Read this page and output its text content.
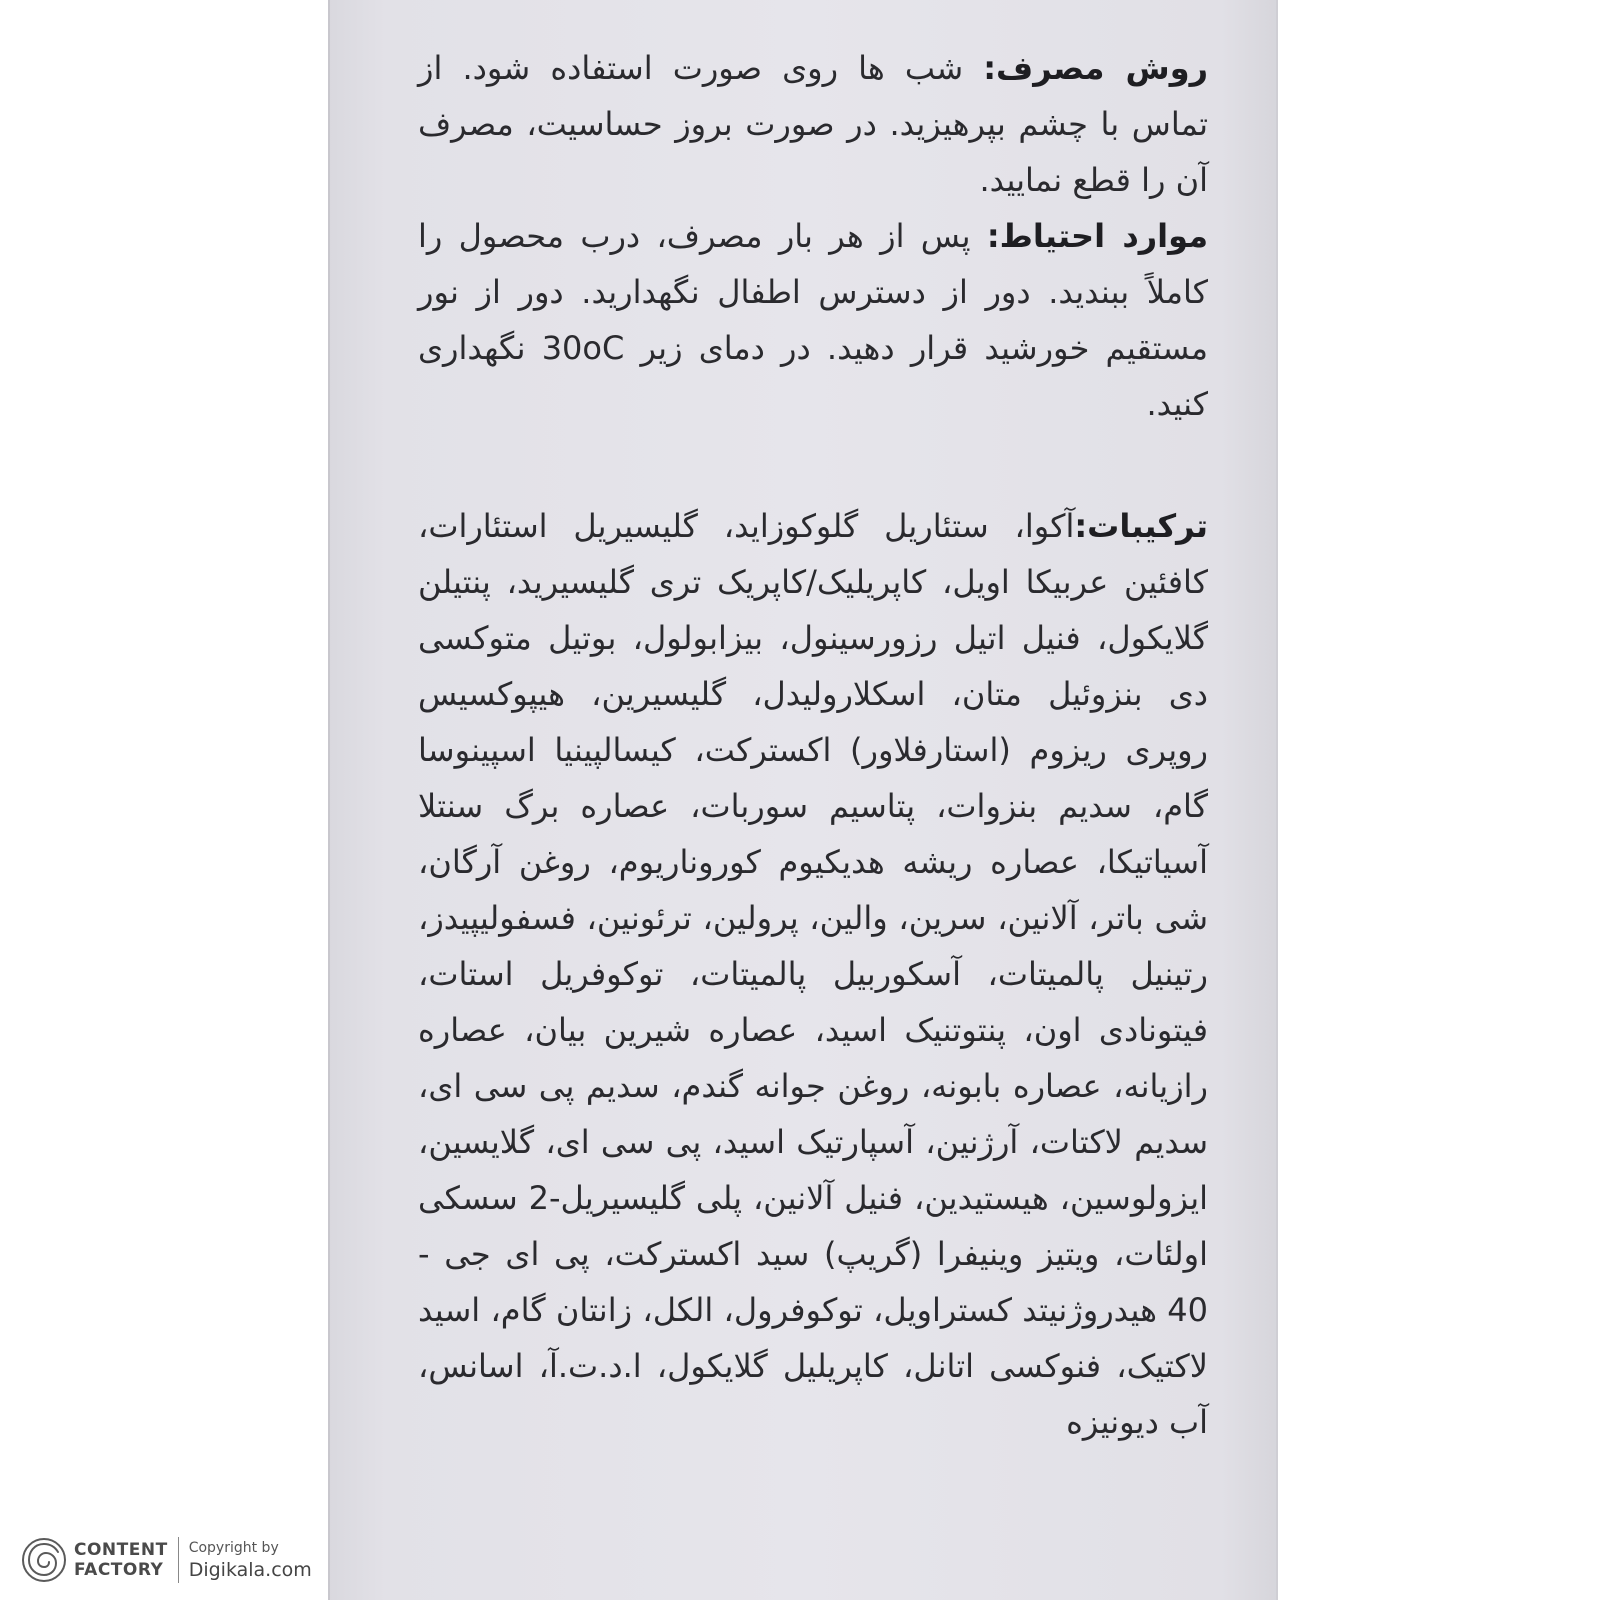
روش مصرف: شب ها روی صورت استفاده شود. از تماس با چشم بپرهیزید. در صورت بروز حساسیت، مصرف آن را قطع نمایید.

موارد احتیاط: پس از هر بار مصرف، درب محصول را کاملاً ببندید. دور از دسترس اطفال نگهدارید. دور از نور مستقیم خورشید قرار دهید. در دمای زیر 30oC نگهداری کنید.

ترکیبات:آکوا، ستئاریل گلوکوزاید، گلیسیریل استئارات، کافئین عربیکا اویل، کاپریلیک/کاپریک تری گلیسیرید، پنتیلن گلایکول، فنیل اتیل رزورسینول، بیزابولول، بوتیل متوکسی دی بنزوئیل متان، اسکلارولیدل، گلیسیرین، هیپوکسیس روپری ریزوم (استارفلاور) اکسترکت، کیسالپینیا اسپینوسا گام، سدیم بنزوات، پتاسیم سوربات، عصاره برگ سنتلا آسیاتیکا، عصاره ریشه هدیکیوم کوروناریوم، روغن آرگان، شی باتر، آلانین، سرین، والین، پرولین، ترئونین، فسفولیپیدز، رتینیل پالمیتات، آسکوربیل پالمیتات، توکوفریل استات، فیتونادی اون، پنتوتنیک اسید، عصاره شیرین بیان، عصاره رازیانه، عصاره بابونه، روغن جوانه گندم، سدیم پی سی ای، سدیم لاکتات، آرژنین، آسپارتیک اسید، پی سی ای، گلایسین، ایزولوسین، هیستیدین، فنیل آلانین، پلی گلیسیریل-2 سسکی اولئات، ویتیز وینیفرا (گریپ) سید اکسترکت، پی ای جی - 40 هیدروژنیتد کستراویل، توکوفرول، الکل، زانتان گام، اسید لاکتیک، فنوکسی اتانل، کاپریلیل گلایکول، ا.د.ت.آ، اسانس، آب دیونیزه

CONTENT
FACTORY
Copyright by
Digikala.com
